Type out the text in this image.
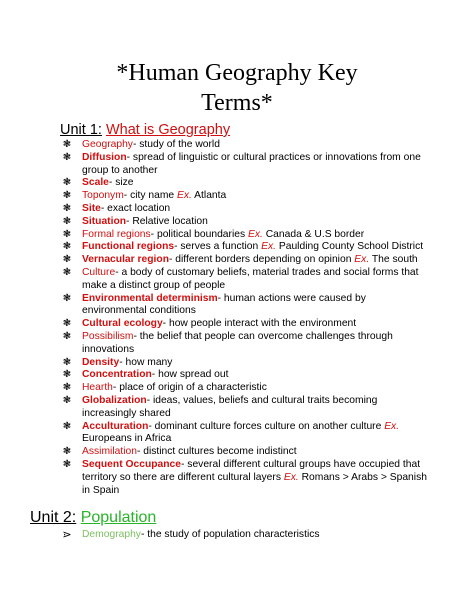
*Human Geography Key
Terms*
Unit 1: What is Geography
❃ Geography- study of the world
❃ Diffusion- spread of linguistic or cultural practices or innovations from one group to another
❃ Scale- size
❃ Toponym- city name Ex. Atlanta
❃ Site- exact location
❃ Situation- Relative location
❃ Formal regions- political boundaries Ex. Canada & U.S border
❃ Functional regions- serves a function Ex. Paulding County School District
❃ Vernacular region- different borders depending on opinion Ex. The south
❃ Culture- a body of customary beliefs, material trades and social forms that make a distinct group of people
❃ Environmental determinism- human actions were caused by environmental conditions
❃ Cultural ecology- how people interact with the environment
❃ Possibilism- the belief that people can overcome challenges through innovations
❃ Density- how many
❃ Concentration- how spread out
❃ Hearth- place of origin of a characteristic
❃ Globalization- ideas, values, beliefs and cultural traits becoming increasingly shared
❃ Acculturation- dominant culture forces culture on another culture Ex. Europeans in Africa
❃ Assimilation- distinct cultures become indistinct
❃ Sequent Occupance- several different cultural groups have occupied that territory so there are different cultural layers Ex. Romans > Arabs > Spanish in Spain
Unit 2: Population
⋗ Demography- the study of population characteristics
